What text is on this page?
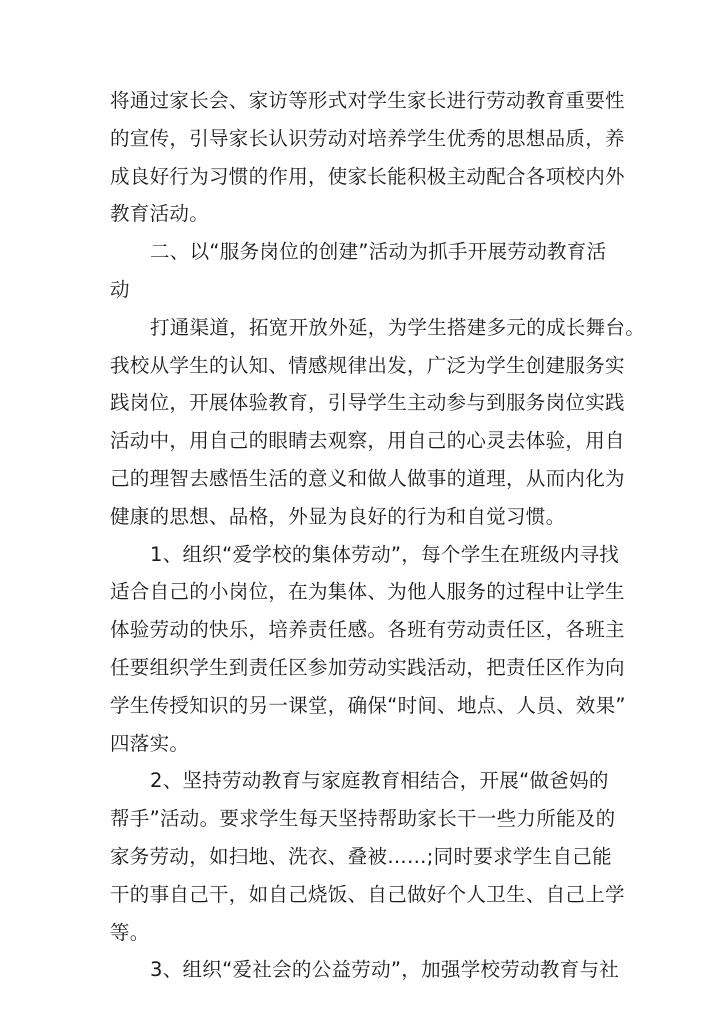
将通过家长会、家访等形式对学生家长进行劳动教育重要性
的宣传，引导家长认识劳动对培养学生优秀的思想品质，养
成良好行为习惯的作用，使家长能积极主动配合各项校内外
教育活动。

二、以“服务岗位的创建”活动为抓手开展劳动教育活
动

打通渠道，拓宽开放外延，为学生搭建多元的成长舞台。
我校从学生的认知、情感规律出发，广泛为学生创建服务实
践岗位，开展体验教育，引导学生主动参与到服务岗位实践
活动中，用自己的眼睛去观察，用自己的心灵去体验，用自
己的理智去感悟生活的意义和做人做事的道理，从而内化为
健康的思想、品格，外显为良好的行为和自觉习惯。

1、组织“爱学校的集体劳动”，每个学生在班级内寻找
适合自己的小岗位，在为集体、为他人服务的过程中让学生
体验劳动的快乐，培养责任感。各班有劳动责任区，各班主
任要组织学生到责任区参加劳动实践活动，把责任区作为向
学生传授知识的另一课堂，确保“时间、地点、人员、效果”
四落实。

2、坚持劳动教育与家庭教育相结合，开展“做爸妈的
帮手”活动。要求学生每天坚持帮助家长干一些力所能及的
家务劳动，如扫地、洗衣、叠被……;同时要求学生自己能
干的事自己干，如自己烧饭、自己做好个人卫生、自己上学
等。

3、组织“爱社会的公益劳动”，加强学校劳动教育与社
